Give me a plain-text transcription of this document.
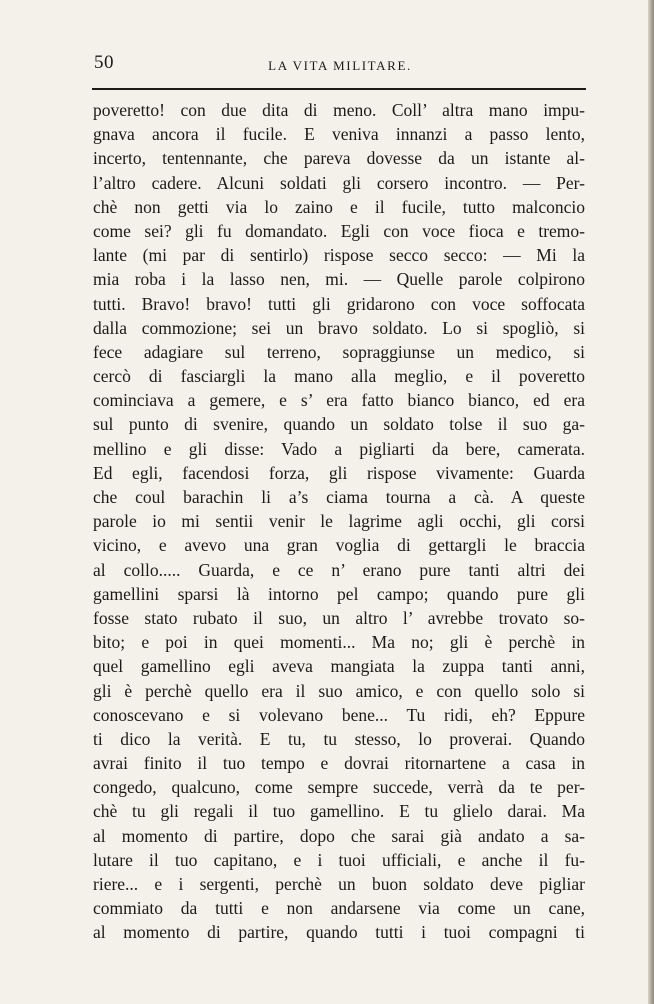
50	LA VITA MILITARE.
poveretto! con due dita di meno. Coll’ altra mano impu-
gnava ancora il fucile. E veniva innanzi a passo lento,
incerto, tentennante, che pareva dovesse da un istante al-
l’altro cadere. Alcuni soldati gli corsero incontro. — Per-
chè non getti via lo zaino e il fucile, tutto malconcio
come sei? gli fu domandato. Egli con voce fioca e tremo-
lante (mi par di sentirlo) rispose secco secco: — Mi la
mia roba i la lasso nen, mi. — Quelle parole colpirono
tutti. Bravo! bravo! tutti gli gridarono con voce soffocata
dalla commozione; sei un bravo soldato. Lo si spogliò, si
fece adagiare sul terreno, sopraggiunse un medico, si
cercò di fasciargli la mano alla meglio, e il poveretto
cominciava a gemere, e s’ era fatto bianco bianco, ed era
sul punto di svenire, quando un soldato tolse il suo ga-
mellino e gli disse: Vado a pigliarti da bere, camerata.
Ed egli, facendosi forza, gli rispose vivamente: Guarda
che coul barachin li a’s ciama tourna a cà. A queste
parole io mi sentii venir le lagrime agli occhi, gli corsi
vicino, e avevo una gran voglia di gettargli le braccia
al collo..... Guarda, e ce n’ erano pure tanti altri dei
gamellini sparsi là intorno pel campo; quando pure gli
fosse stato rubato il suo, un altro l’ avrebbe trovato so-
bito; e poi in quei momenti... Ma no; gli è perchè in
quel gamellino egli aveva mangiata la zuppa tanti anni,
gli è perchè quello era il suo amico, e con quello solo si
conoscevano e si volevano bene... Tu ridi, eh? Eppure
ti dico la verità. E tu, tu stesso, lo proverai. Quando
avrai finito il tuo tempo e dovrai ritornartene a casa in
congedo, qualcuno, come sempre succede, verrà da te per-
chè tu gli regali il tuo gamellino. E tu glielo darai. Ma
al momento di partire, dopo che sarai già andato a sa-
lutare il tuo capitano, e i tuoi ufficiali, e anche il fu-
riere... e i sergenti, perchè un buon soldato deve pigliar
commiato da tutti e non andarsene via come un cane,
al momento di partire, quando tutti i tuoi compagni ti
